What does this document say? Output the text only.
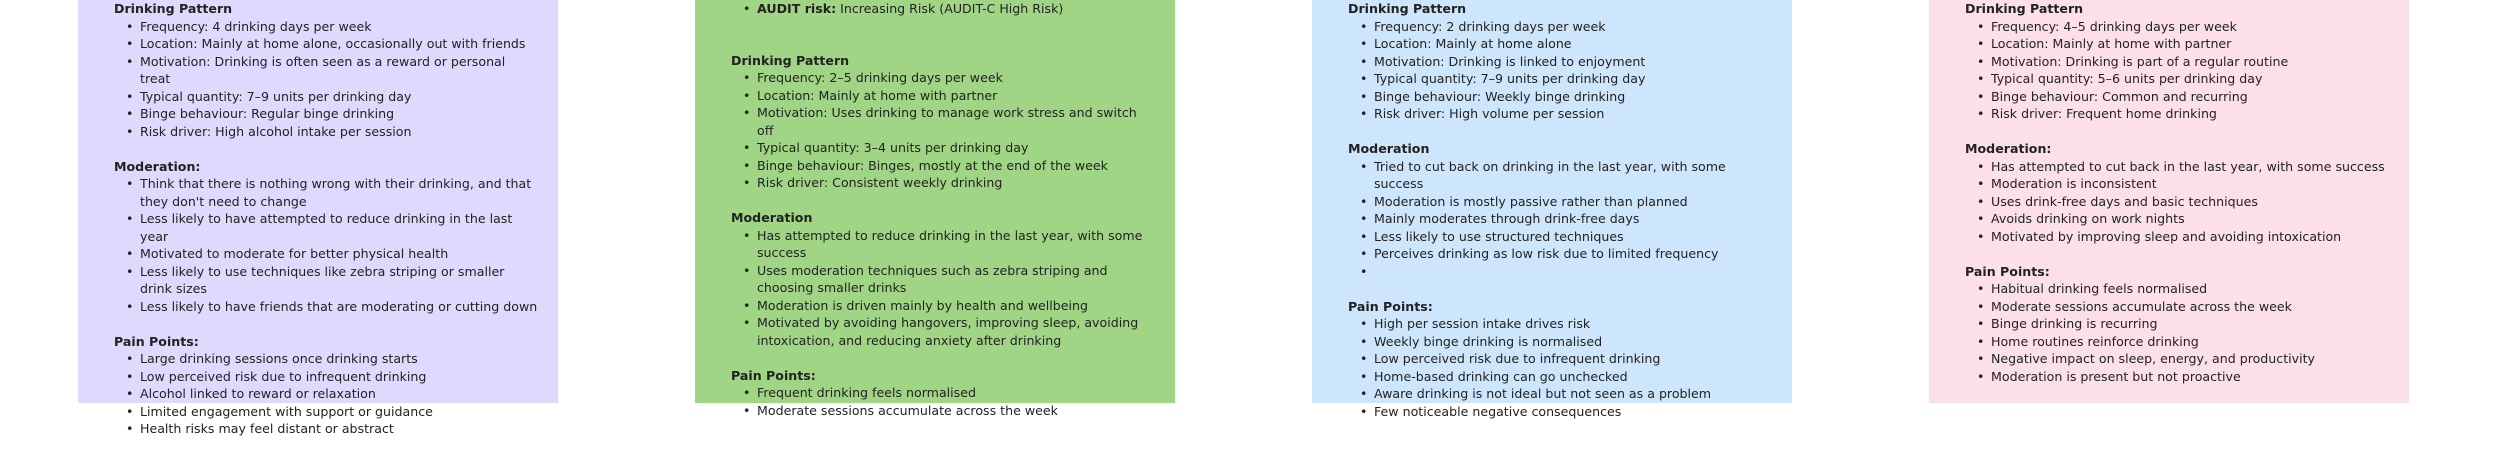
Drinking Pattern
• Frequency: 4 drinking days per week
• Location: Mainly at home alone, occasionally out with friends
• Motivation: Drinking is often seen as a reward or personal treat
• Typical quantity: 7–9 units per drinking day
• Binge behaviour: Regular binge drinking
• Risk driver: High alcohol intake per session
Moderation:
• Think that there is nothing wrong with their drinking, and that they don't need to change
• Less likely to have attempted to reduce drinking in the last year
• Motivated to moderate for better physical health
• Less likely to use techniques like zebra striping or smaller drink sizes
• Less likely to have friends that are moderating or cutting down
Pain Points:
• Large drinking sessions once drinking starts
• Low perceived risk due to infrequent drinking
• Alcohol linked to reward or relaxation
• Limited engagement with support or guidance
• Health risks may feel distant or abstract
• AUDIT risk: Increasing Risk (AUDIT-C High Risk)
Drinking Pattern
• Frequency: 2–5 drinking days per week
• Location: Mainly at home with partner
• Motivation: Uses drinking to manage work stress and switch off
• Typical quantity: 3–4 units per drinking day
• Binge behaviour: Binges, mostly at the end of the week
• Risk driver: Consistent weekly drinking
Moderation
• Has attempted to reduce drinking in the last year, with some success
• Uses moderation techniques such as zebra striping and choosing smaller drinks
• Moderation is driven mainly by health and wellbeing
• Motivated by avoiding hangovers, improving sleep, avoiding intoxication, and reducing anxiety after drinking
Pain Points:
• Frequent drinking feels normalised
• Moderate sessions accumulate across the week
Drinking Pattern
• Frequency: 2 drinking days per week
• Location: Mainly at home alone
• Motivation: Drinking is linked to enjoyment
• Typical quantity: 7–9 units per drinking day
• Binge behaviour: Weekly binge drinking
• Risk driver: High volume per session
Moderation
• Tried to cut back on drinking in the last year, with some success
• Moderation is mostly passive rather than planned
• Mainly moderates through drink-free days
• Less likely to use structured techniques
• Perceives drinking as low risk due to limited frequency
•
Pain Points:
• High per session intake drives risk
• Weekly binge drinking is normalised
• Low perceived risk due to infrequent drinking
• Home-based drinking can go unchecked
• Aware drinking is not ideal but not seen as a problem
• Few noticeable negative consequences
Drinking Pattern
• Frequency: 4–5 drinking days per week
• Location: Mainly at home with partner
• Motivation: Drinking is part of a regular routine
• Typical quantity: 5–6 units per drinking day
• Binge behaviour: Common and recurring
• Risk driver: Frequent home drinking
Moderation:
• Has attempted to cut back in the last year, with some success
• Moderation is inconsistent
• Uses drink-free days and basic techniques
• Avoids drinking on work nights
• Motivated by improving sleep and avoiding intoxication
Pain Points:
• Habitual drinking feels normalised
• Moderate sessions accumulate across the week
• Binge drinking is recurring
• Home routines reinforce drinking
• Negative impact on sleep, energy, and productivity
• Moderation is present but not proactive
